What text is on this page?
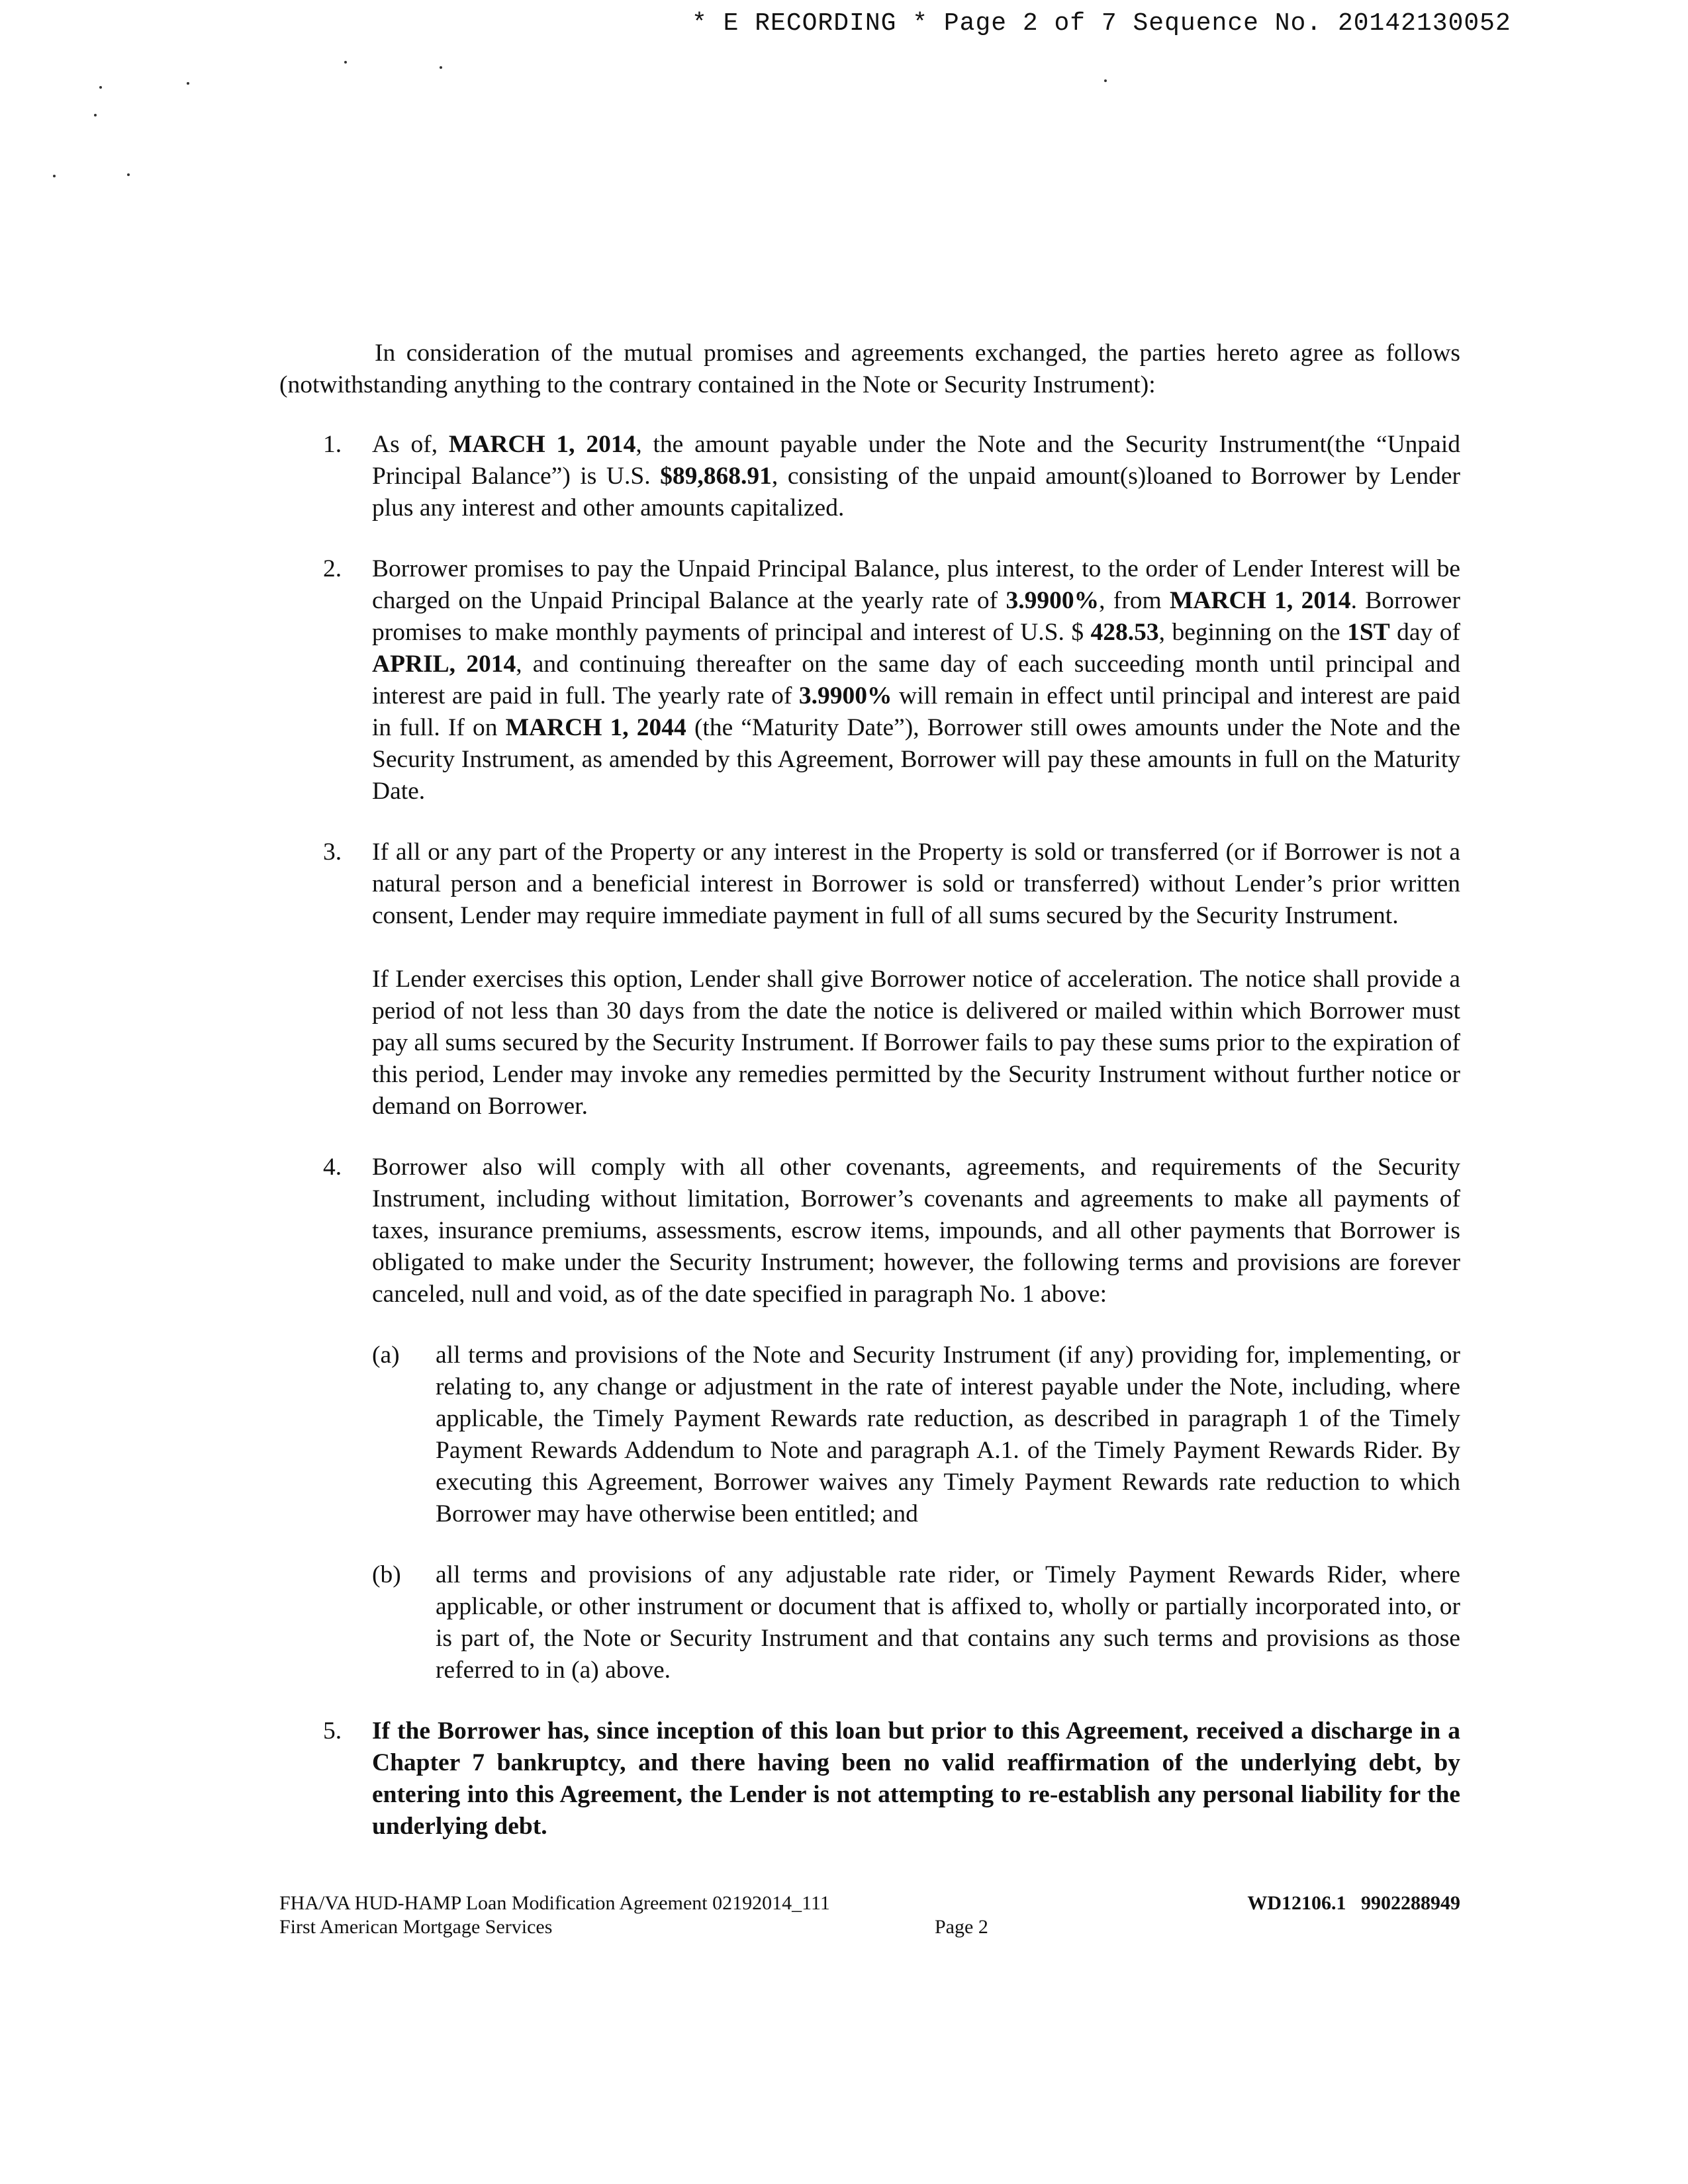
* E RECORDING * Page 2 of 7 Sequence No. 20142130052

In consideration of the mutual promises and agreements exchanged, the parties hereto agree as follows (notwithstanding anything to the contrary contained in the Note or Security Instrument):

1. As of, MARCH 1, 2014, the amount payable under the Note and the Security Instrument(the “Unpaid Principal Balance”) is U.S. $89,868.91, consisting of the unpaid amount(s)loaned to Borrower by Lender plus any interest and other amounts capitalized.

2. Borrower promises to pay the Unpaid Principal Balance, plus interest, to the order of Lender Interest will be charged on the Unpaid Principal Balance at the yearly rate of 3.9900%, from MARCH 1, 2014. Borrower promises to make monthly payments of principal and interest of U.S. $ 428.53, beginning on the 1ST day of APRIL, 2014, and continuing thereafter on the same day of each succeeding month until principal and interest are paid in full. The yearly rate of 3.9900% will remain in effect until principal and interest are paid in full. If on MARCH 1, 2044 (the “Maturity Date”), Borrower still owes amounts under the Note and the Security Instrument, as amended by this Agreement, Borrower will pay these amounts in full on the Maturity Date.

3. If all or any part of the Property or any interest in the Property is sold or transferred (or if Borrower is not a natural person and a beneficial interest in Borrower is sold or transferred) without Lender’s prior written consent, Lender may require immediate payment in full of all sums secured by the Security Instrument.

If Lender exercises this option, Lender shall give Borrower notice of acceleration. The notice shall provide a period of not less than 30 days from the date the notice is delivered or mailed within which Borrower must pay all sums secured by the Security Instrument. If Borrower fails to pay these sums prior to the expiration of this period, Lender may invoke any remedies permitted by the Security Instrument without further notice or demand on Borrower.

4. Borrower also will comply with all other covenants, agreements, and requirements of the Security Instrument, including without limitation, Borrower’s covenants and agreements to make all payments of taxes, insurance premiums, assessments, escrow items, impounds, and all other payments that Borrower is obligated to make under the Security Instrument; however, the following terms and provisions are forever canceled, null and void, as of the date specified in paragraph No. 1 above:

(a) all terms and provisions of the Note and Security Instrument (if any) providing for, implementing, or relating to, any change or adjustment in the rate of interest payable under the Note, including, where applicable, the Timely Payment Rewards rate reduction, as described in paragraph 1 of the Timely Payment Rewards Addendum to Note and paragraph A.1. of the Timely Payment Rewards Rider. By executing this Agreement, Borrower waives any Timely Payment Rewards rate reduction to which Borrower may have otherwise been entitled; and

(b) all terms and provisions of any adjustable rate rider, or Timely Payment Rewards Rider, where applicable, or other instrument or document that is affixed to, wholly or partially incorporated into, or is part of, the Note or Security Instrument and that contains any such terms and provisions as those referred to in (a) above.

5. If the Borrower has, since inception of this loan but prior to this Agreement, received a discharge in a Chapter 7 bankruptcy, and there having been no valid reaffirmation of the underlying debt, by entering into this Agreement, the Lender is not attempting to re-establish any personal liability for the underlying debt.

FHA/VA HUD-HAMP Loan Modification Agreement 02192014_111
First American Mortgage Services	Page 2
WD12106.1 9902288949
